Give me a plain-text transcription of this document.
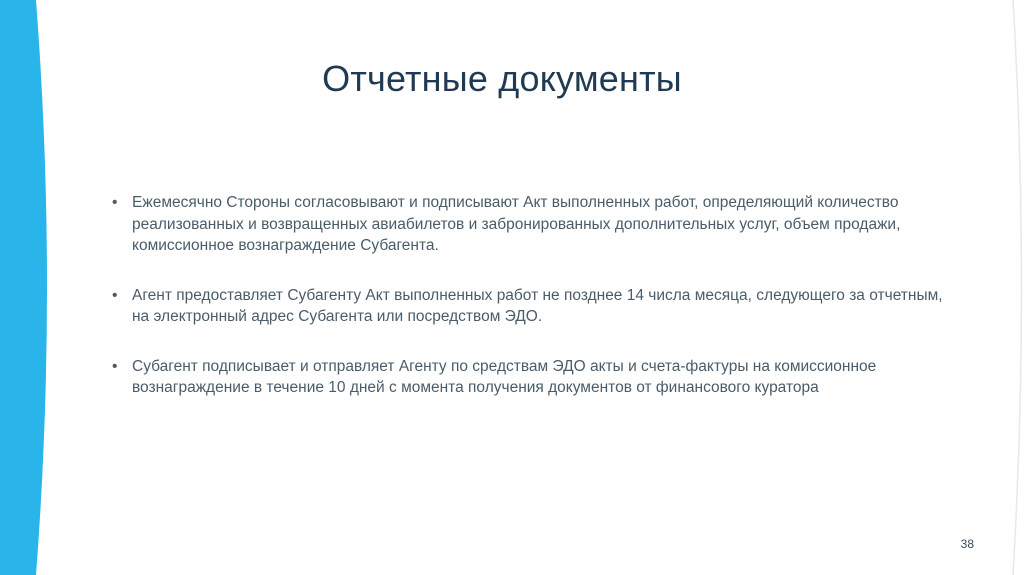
Отчетные документы
• Ежемесячно Стороны согласовывают и подписывают Акт выполненных работ, определяющий количество реализованных и возвращенных авиабилетов и забронированных дополнительных услуг, объем продажи, комиссионное вознаграждение Субагента.
• Агент предоставляет Субагенту Акт выполненных работ не позднее 14 числа месяца, следующего за отчетным, на электронный адрес Субагента или посредством ЭДО.
• Субагент подписывает и отправляет Агенту по средствам ЭДО акты и счета-фактуры на комиссионное вознаграждение в течение 10 дней с момента получения документов от финансового куратора
38
